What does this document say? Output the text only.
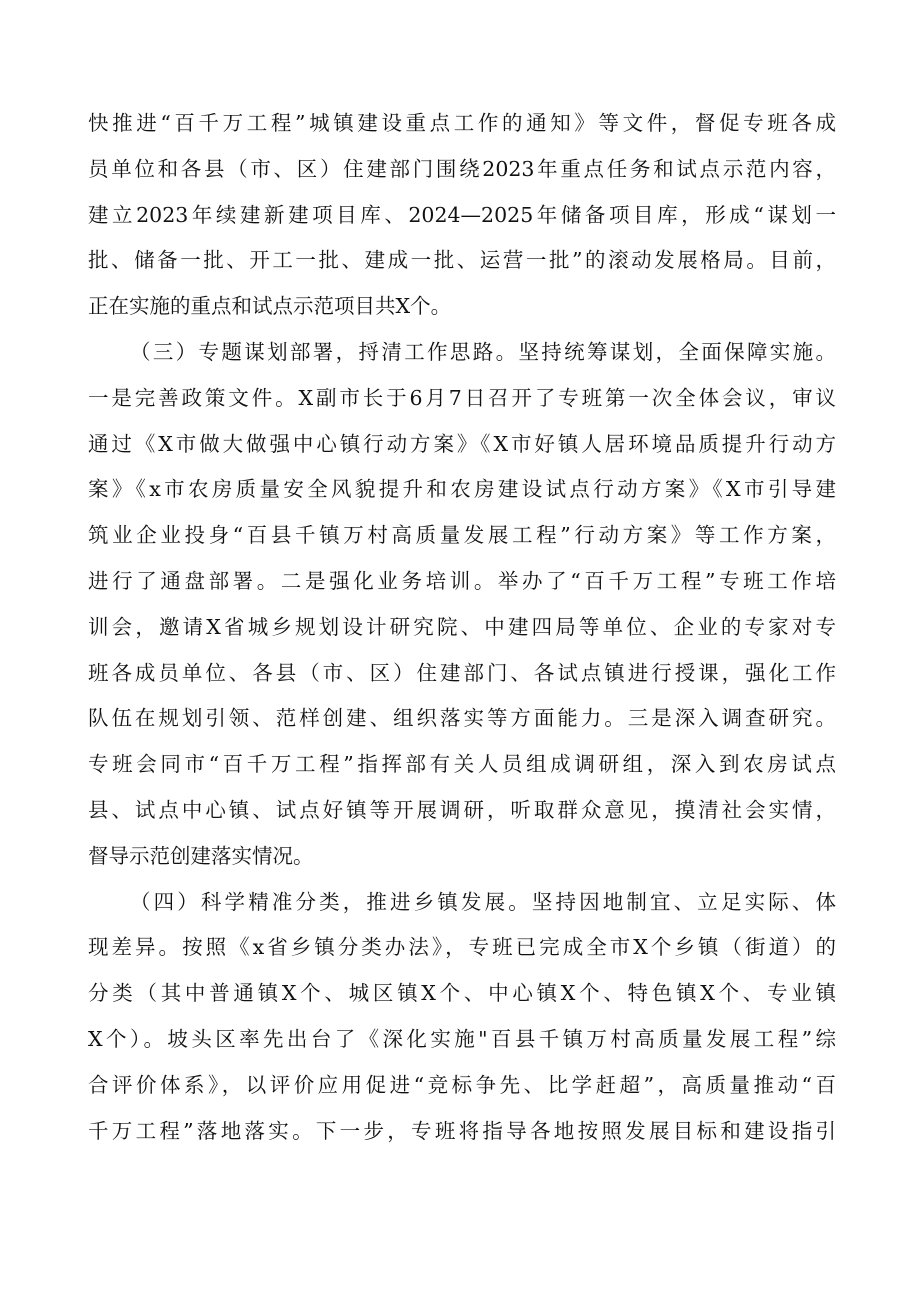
快推进“百千万工程”城镇建设重点工作的通知》等文件，督促专班各成
员单位和各县（市、区）住建部门围绕2023年重点任务和试点示范内容，
建立2023年续建新建项目库、2024—2025年储备项目库，形成“谋划一
批、储备一批、开工一批、建成一批、运营一批”的滚动发展格局。目前，
正在实施的重点和试点示范项目共X个。
（三）专题谋划部署，捋清工作思路。坚持统筹谋划，全面保障实施。
一是完善政策文件。X副市长于6月7日召开了专班第一次全体会议，审议
通过《X市做大做强中心镇行动方案》《X市好镇人居环境品质提升行动方
案》《x市农房质量安全风貌提升和农房建设试点行动方案》《X市引导建
筑业企业投身“百县千镇万村高质量发展工程”行动方案》等工作方案，
进行了通盘部署。二是强化业务培训。举办了“百千万工程”专班工作培
训会，邀请X省城乡规划设计研究院、中建四局等单位、企业的专家对专
班各成员单位、各县（市、区）住建部门、各试点镇进行授课，强化工作
队伍在规划引领、范样创建、组织落实等方面能力。三是深入调查研究。
专班会同市“百千万工程”指挥部有关人员组成调研组，深入到农房试点
县、试点中心镇、试点好镇等开展调研，听取群众意见，摸清社会实情，
督导示范创建落实情况。
（四）科学精准分类，推进乡镇发展。坚持因地制宜、立足实际、体
现差异。按照《x省乡镇分类办法》，专班已完成全市X个乡镇（街道）的
分类（其中普通镇X个、城区镇X个、中心镇X个、特色镇X个、专业镇
X个）。坡头区率先出台了《深化实施"百县千镇万村高质量发展工程”综
合评价体系》，以评价应用促进“竞标争先、比学赶超”，高质量推动“百
千万工程”落地落实。下一步，专班将指导各地按照发展目标和建设指引
